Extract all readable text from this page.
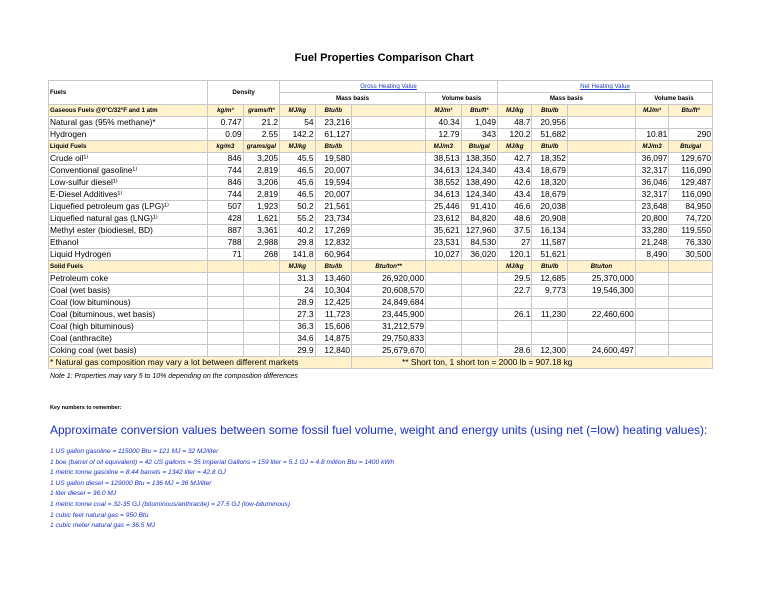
Fuel Properties Comparison Chart
Fuels	Density		Gross Heating Value					Net Heating Value				
			Mass basis			Volume basis		Mass basis			Volume basis	
Gaseous Fuels @0°C/32°F and 1 atm	kg/m³	grams/ft³	MJ/kg	Btu/lb		MJ/m³	Btu/ft³	MJ/kg	Btu/lb		MJ/m³	Btu/ft³
Natural gas (95% methane)*	0.747	21.2	54	23,216		40.34	1,049	48.7	20,956			
Hydrogen	0.09	2.55	142.2	61,127		12.79	343	120.2	51,682		10.81	290
Liquid Fuels	kg/m3	grams/gal	MJ/kg	Btu/lb		MJ/m3	Btu/gal	MJ/kg	Btu/lb		MJ/m3	Btu/gal
Crude oil¹⁾	846	3,205	45.5	19,580		38,513	138,350	42.7	18,352		36,097	129,670
Conventional gasoline¹⁾	744	2,819	46.5	20,007		34,613	124,340	43.4	18,679		32,317	116,090
Low-sulfur diesel¹⁾	846	3,206	45.6	19,594		38,552	138,490	42.6	18,320		36,046	129,487
E-Diesel Additives¹⁾	744	2,819	46.5	20,007		34,613	124,340	43.4	18,679		32,317	116,090
Liquefied petroleum gas (LPG)¹⁾	507	1,923	50.2	21,561		25,446	91,410	46.6	20,038		23,648	84,950
Liquefied natural gas (LNG)¹⁾	428	1,621	55.2	23,734		23,612	84,820	48.6	20,908		20,800	74,720
Methyl ester (biodiesel, BD)	887	3,361	40.2	17,269		35,621	127,960	37.5	16,134		33,280	119,550
Ethanol	788	2,988	29.8	12,832		23,531	84,530	27	11,587		21,248	76,330
Liquid Hydrogen	71	268	141.8	60,964		10,027	36,020	120.1	51,621		8,490	30,500
Solid Fuels			MJ/kg	Btu/lb	Btu/ton**			MJ/kg	Btu/lb	Btu/ton		
Petroleum coke			31.3	13,460	26,920,000			29.5	12,685	25,370,000		
Coal (wet basis)			24	10,304	20,608,570			22.7	9,773	19,546,300		
Coal (low bituminous)			28.9	12,425	24,849,684							
Coal (bituminous, wet basis)			27.3	11,723	23,445,900			26.1	11,230	22,460,600		
Coal (high bituminous)			36.3	15,606	31,212,579							
Coal (anthracite)			34.6	14,875	29,750,833							
Coking coal (wet basis)			29.9	12,840	25,679,670			28.6	12,300	24,600,497		
* Natural gas composition may vary a lot between different markets					** Short ton, 1 short ton = 2000 lb = 907.18 kg							
Note 1: Properties may vary 5 to 10% depending on the composition differences
Key numbers to remember:
Approximate conversion values between some fossil fuel volume, weight and energy units (using net (=low) heating values):
1 US gallon gasoline = 115000 Btu = 121 MJ = 32 MJ/liter
1 boe (barrel of oil equivalent) = 42 US gallons = 35 Imperial Gallons = 159 liter = 5.1 GJ = 4.8 million Btu = 1400 kWh
1 metric tonne gasoline = 8.44 barrels = 1342 liter = 42.8 GJ
1 US gallon diesel = 129000 Btu = 136 MJ = 36 MJ/liter
1 liter diesel = 36.0 MJ
1 metric tonne coal = 32-35 GJ (bituminous/anthracite) = 27.5 GJ (low-bituminous)
1 cubic feet natural gas = 950 Btu
1 cubic meter natural gas = 36.5 MJ
